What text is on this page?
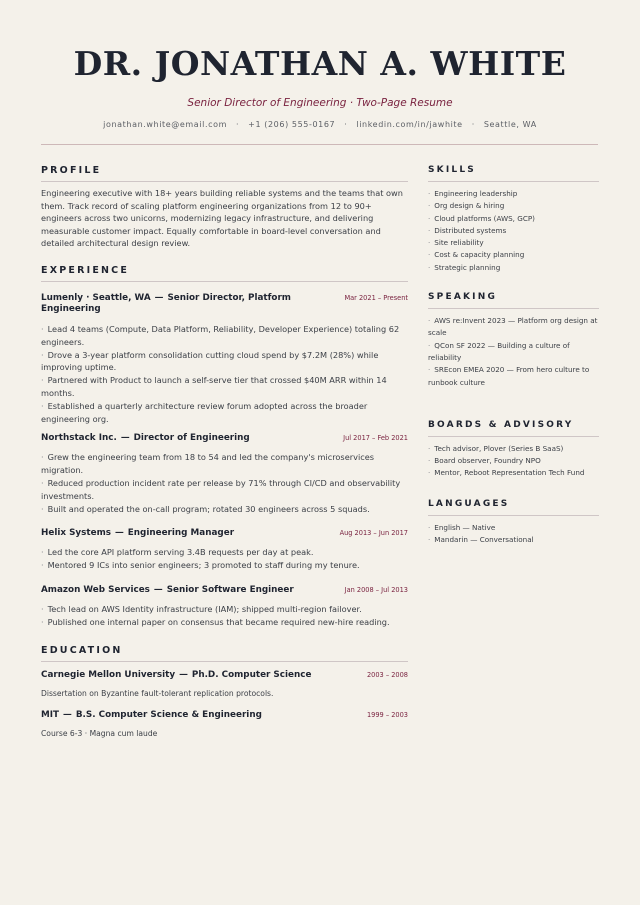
DR. JONATHAN A. WHITE
Senior Director of Engineering · Two-Page Resume
jonathan.white@email.com · +1 (206) 555-0167 · linkedin.com/in/jawhite · Seattle, WA
PROFILE

Engineering executive with 18+ years building reliable systems and the teams that own them. Track record of scaling platform engineering organizations from 12 to 90+ engineers across two unicorns, modernizing legacy infrastructure, and delivering measurable customer impact. Equally comfortable in board-level conversation and detailed architectural design review.

EXPERIENCE
Lumenly · Seattle, WA — Senior Director, Platform Engineering
Mar 2021 – Present
· Lead 4 teams (Compute, Data Platform, Reliability, Developer Experience) totaling 62 engineers.
· Drove a 3-year platform consolidation cutting cloud spend by $7.2M (28%) while improving uptime.
· Partnered with Product to launch a self-serve tier that crossed $40M ARR within 14 months.
· Established a quarterly architecture review forum adopted across the broader engineering org.
Northstack Inc. — Director of Engineering	Jul 2017 – Feb 2021
· Grew the engineering team from 18 to 54 and led the company's microservices migration.
· Reduced production incident rate per release by 71% through CI/CD and observability investments.
· Built and operated the on-call program; rotated 30 engineers across 5 squads.
Helix Systems — Engineering Manager	Aug 2013 – Jun 2017
· Led the core API platform serving 3.4B requests per day at peak.
· Mentored 9 ICs into senior engineers; 3 promoted to staff during my tenure.
Amazon Web Services — Senior Software Engineer	Jan 2008 – Jul 2013
· Tech lead on AWS Identity infrastructure (IAM); shipped multi-region failover.
· Published one internal paper on consensus that became required new-hire reading.
EDUCATION
Carnegie Mellon University — Ph.D. Computer Science	2003 – 2008
Dissertation on Byzantine fault-tolerant replication protocols.
MIT — B.S. Computer Science & Engineering	1999 – 2003
Course 6-3 · Magna cum laude
SKILLS
· Engineering leadership
· Org design & hiring
· Cloud platforms (AWS, GCP)
· Distributed systems
· Site reliability
· Cost & capacity planning
· Strategic planning
SPEAKING
· AWS re:Invent 2023 — Platform org design at scale
· QCon SF 2022 — Building a culture of reliability
· SREcon EMEA 2020 — From hero culture to runbook culture
BOARDS & ADVISORY
· Tech advisor, Plover (Series B SaaS)
· Board observer, Foundry NPO
· Mentor, Reboot Representation Tech Fund
LANGUAGES
· English — Native
· Mandarin — Conversational
